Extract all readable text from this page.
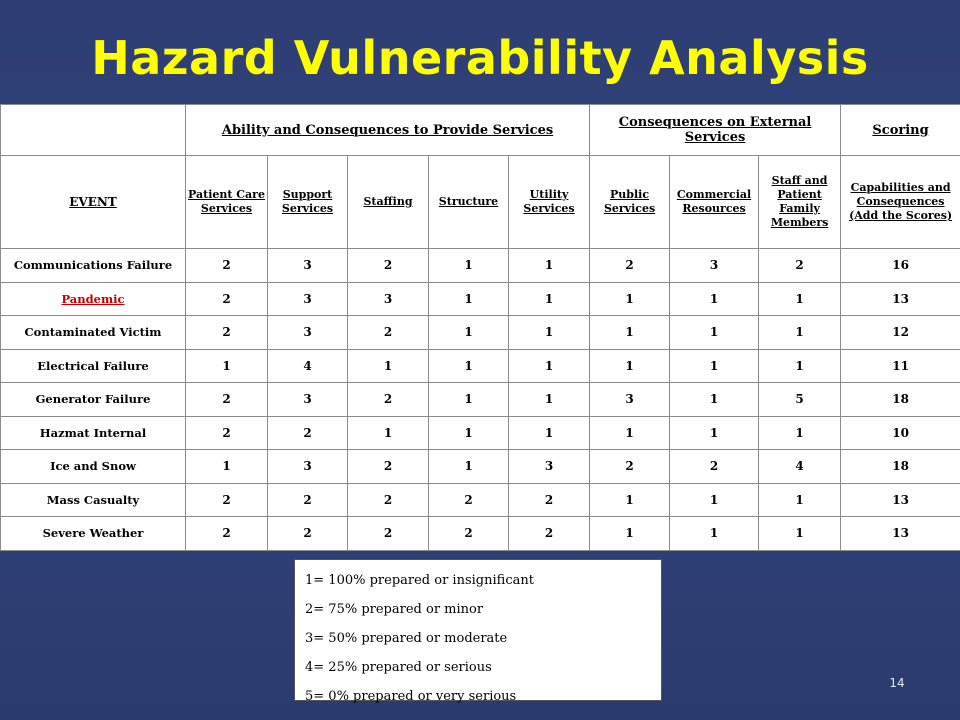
Hazard Vulnerability Analysis
	Ability and Consequences to Provide Services					Consequences on External Services			Scoring
EVENT	Patient Care Services	Support Services	Staffing	Structure	Utility Services	Public Services	Commercial Resources	Staff and Patient Family Members	Capabilities and Consequences (Add the Scores)
Communications Failure	2	3	2	1	1	2	3	2	16
Pandemic	2	3	3	1	1	1	1	1	13
Contaminated Victim	2	3	2	1	1	1	1	1	12
Electrical Failure	1	4	1	1	1	1	1	1	11
Generator Failure	2	3	2	1	1	3	1	5	18
Hazmat Internal	2	2	1	1	1	1	1	1	10
Ice and Snow	1	3	2	1	3	2	2	4	18
Mass Casualty	2	2	2	2	2	1	1	1	13
Severe Weather	2	2	2	2	2	1	1	1	13
1= 100% prepared or insignificant
2= 75% prepared or minor
3= 50% prepared or moderate
4= 25% prepared or serious
5= 0% prepared or very serious
14
